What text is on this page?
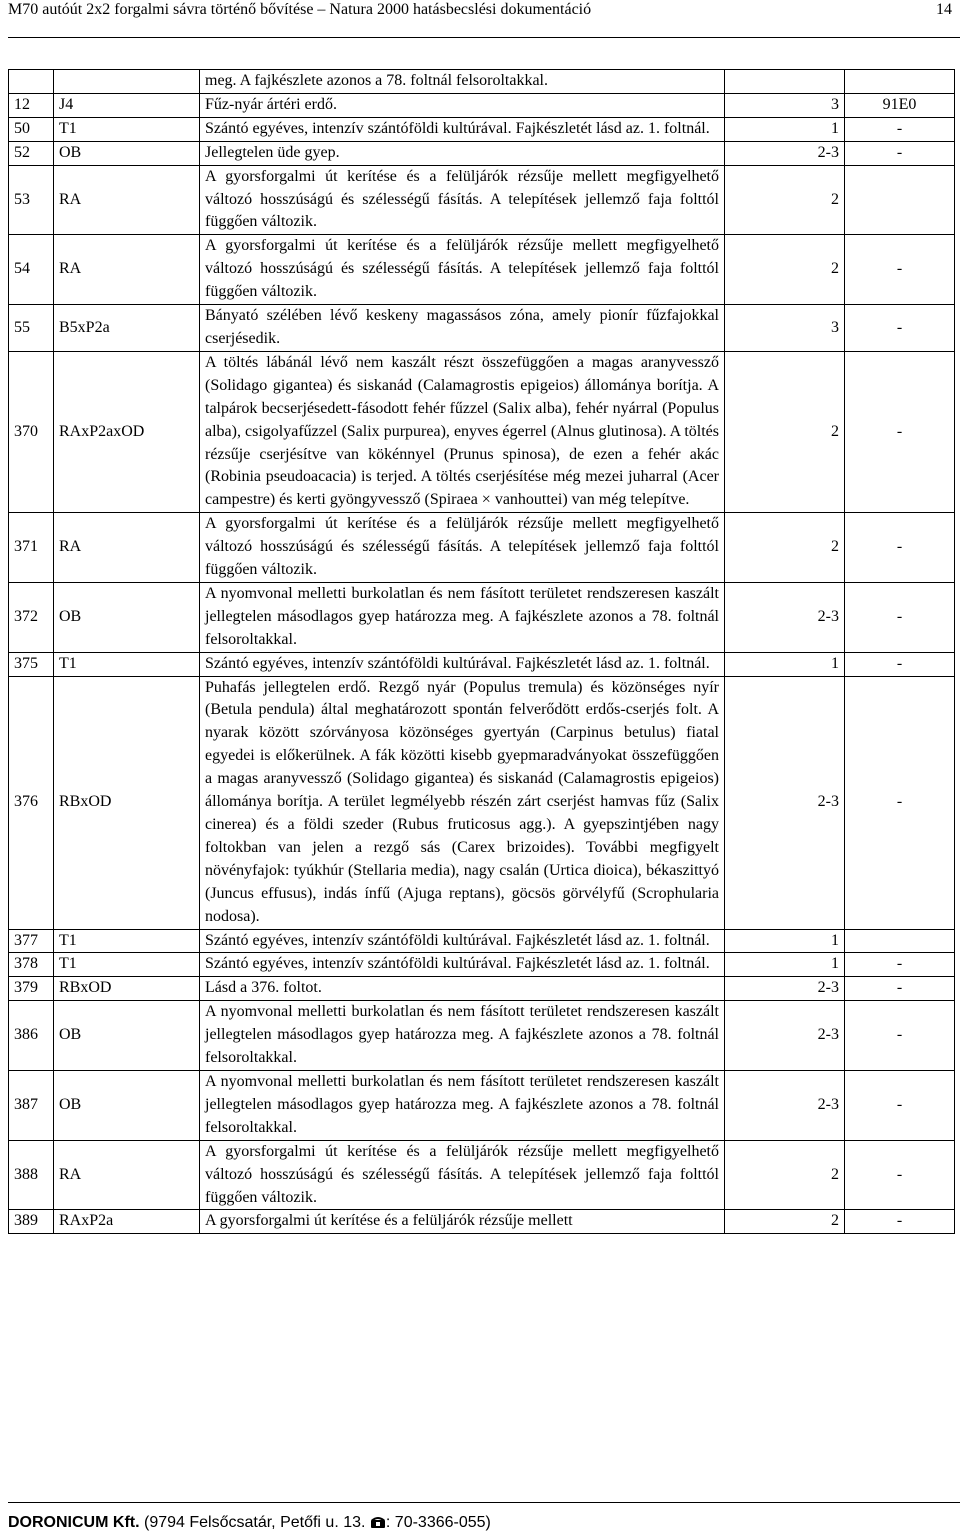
M70 autóút 2x2 forgalmi sávra történő bővítése – Natura 2000 hatásbecslési dokumentáció	14
		meg. A fajkészlete azonos a 78. foltnál felsoroltakkal.		
12	J4	Fűz-nyár ártéri erdő.	3	91E0
50	T1	Szántó egyéves, intenzív szántóföldi kultúrával. Fajkészletét lásd az. 1. foltnál.	1	-
52	OB	Jellegtelen üde gyep.	2-3	-
53	RA	A gyorsforgalmi út kerítése és a felüljárók rézsűje mellett megfigyelhető változó hosszúságú és szélességű fásítás. A telepítések jellemző faja folttól függően változik.	2	
54	RA	A gyorsforgalmi út kerítése és a felüljárók rézsűje mellett megfigyelhető változó hosszúságú és szélességű fásítás. A telepítések jellemző faja folttól függően változik.	2	-
55	B5xP2a	Bányató szélében lévő keskeny magassásos zóna, amely pionír fűzfajokkal cserjésedik.	3	-
370	RAxP2axOD	A töltés lábánál lévő nem kaszált részt összefüggően a magas aranyvessző (Solidago gigantea) és siskanád (Calamagrostis epigeios) állománya borítja. A talpárok becserjésedett-fásodott fehér fűzzel (Salix alba), fehér nyárral (Populus alba), csigolyafűzzel (Salix purpurea), enyves égerrel (Alnus glutinosa). A töltés rézsűje cserjésítve van kökénnyel (Prunus spinosa), de ezen a fehér akác (Robinia pseudoacacia) is terjed. A töltés cserjésítése még mezei juharral (Acer campestre) és kerti gyöngyvessző (Spiraea × vanhouttei) van még telepítve.	2	-
371	RA	A gyorsforgalmi út kerítése és a felüljárók rézsűje mellett megfigyelhető változó hosszúságú és szélességű fásítás. A telepítések jellemző faja folttól függően változik.	2	-
372	OB	A nyomvonal melletti burkolatlan és nem fásított területet rendszeresen kaszált jellegtelen másodlagos gyep határozza meg. A fajkészlete azonos a 78. foltnál felsoroltakkal.	2-3	-
375	T1	Szántó egyéves, intenzív szántóföldi kultúrával. Fajkészletét lásd az. 1. foltnál.	1	-
376	RBxOD	Puhafás jellegtelen erdő. Rezgő nyár (Populus tremula) és közönséges nyír (Betula pendula) által meghatározott spontán felverődött erdős-cserjés folt. A nyarak között szórványosa közönséges gyertyán (Carpinus betulus) fiatal egyedei is előkerülnek. A fák közötti kisebb gyepmaradványokat összefüggően a magas aranyvessző (Solidago gigantea) és siskanád (Calamagrostis epigeios) állománya borítja. A terület legmélyebb részén zárt cserjést hamvas fűz (Salix cinerea) és a földi szeder (Rubus fruticosus agg.). A gyepszintjében nagy foltokban van jelen a rezgő sás (Carex brizoides). További megfigyelt növényfajok: tyúkhúr (Stellaria media), nagy csalán (Urtica dioica), békaszittyó (Juncus effusus), indás ínfű (Ajuga reptans), göcsös görvélyfű (Scrophularia nodosa).	2-3	-
377	T1	Szántó egyéves, intenzív szántóföldi kultúrával. Fajkészletét lásd az. 1. foltnál.	1	
378	T1	Szántó egyéves, intenzív szántóföldi kultúrával. Fajkészletét lásd az. 1. foltnál.	1	-
379	RBxOD	Lásd a 376. foltot.	2-3	-
386	OB	A nyomvonal melletti burkolatlan és nem fásított területet rendszeresen kaszált jellegtelen másodlagos gyep határozza meg. A fajkészlete azonos a 78. foltnál felsoroltakkal.	2-3	-
387	OB	A nyomvonal melletti burkolatlan és nem fásított területet rendszeresen kaszált jellegtelen másodlagos gyep határozza meg. A fajkészlete azonos a 78. foltnál felsoroltakkal.	2-3	-
388	RA	A gyorsforgalmi út kerítése és a felüljárók rézsűje mellett megfigyelhető változó hosszúságú és szélességű fásítás. A telepítések jellemző faja folttól függően változik.	2	-
389	RAxP2a	A gyorsforgalmi út kerítése és a felüljárók rézsűje mellett	2	-
DORONICUM Kft. (9794 Felsőcsatár, Petőfi u. 13. : 70-3366-055)
